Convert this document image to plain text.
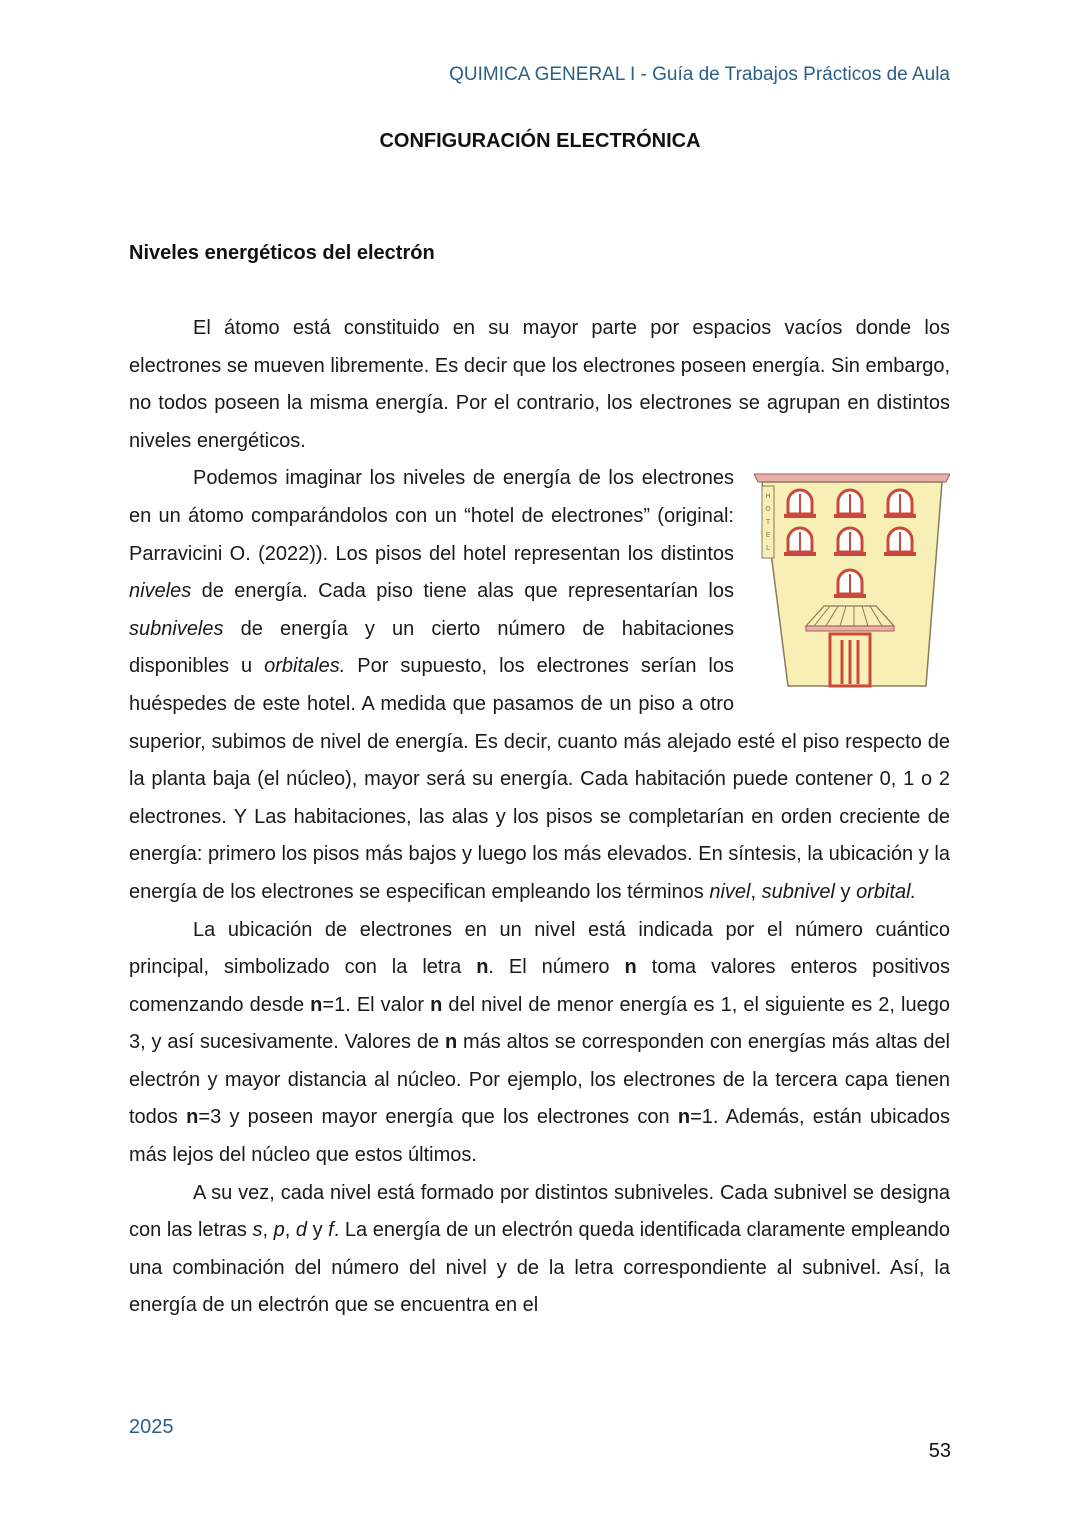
QUIMICA GENERAL I - Guía de Trabajos Prácticos de Aula
CONFIGURACIÓN ELECTRÓNICA
Niveles energéticos del electrón

El átomo está constituido en su mayor parte por espacios vacíos donde los electrones se mueven libremente. Es decir que los electrones poseen energía. Sin embargo, no todos poseen la misma energía. Por el contrario, los electrones se agrupan en distintos niveles energéticos.

H
O
T
E
L
Podemos imaginar los niveles de energía de los electrones en un átomo comparándolos con un “hotel de electrones” (original: Parravicini O. (2022)). Los pisos del hotel representan los distintos niveles de energía. Cada piso tiene alas que representarían los subniveles de energía y un cierto número de habitaciones disponibles u orbitales. Por supuesto, los electrones serían los huéspedes de este hotel. A medida que pasamos de un piso a otro superior, subimos de nivel de energía. Es decir, cuanto más alejado esté el piso respecto de la planta baja (el núcleo), mayor será su energía. Cada habitación puede contener 0, 1 o 2 electrones. Y Las habitaciones, las alas y los pisos se completarían en orden creciente de energía: primero los pisos más bajos y luego los más elevados. En síntesis, la ubicación y la energía de los electrones se especifican empleando los términos nivel, subnivel y orbital.

La ubicación de electrones en un nivel está indicada por el número cuántico principal, simbolizado con la letra n. El número n toma valores enteros positivos comenzando desde n=1. El valor n del nivel de menor energía es 1, el siguiente es 2, luego 3, y así sucesivamente. Valores de n más altos se corresponden con energías más altas del electrón y mayor distancia al núcleo. Por ejemplo, los electrones de la tercera capa tienen todos n=3 y poseen mayor energía que los electrones con n=1. Además, están ubicados más lejos del núcleo que estos últimos.

A su vez, cada nivel está formado por distintos subniveles. Cada subnivel se designa con las letras s, p, d y f. La energía de un electrón queda identificada claramente empleando una combinación del número del nivel y de la letra correspondiente al subnivel. Así, la energía de un electrón que se encuentra en el

2025
53
